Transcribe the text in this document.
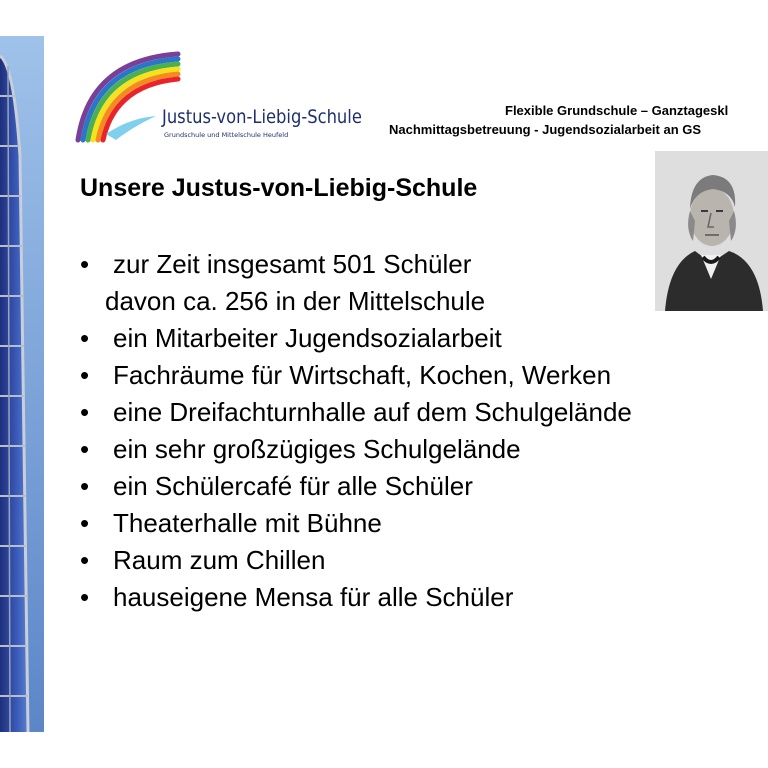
Justus-von-Liebig-Schule
Grundschule und Mittelschule Heufeld
Flexible Grundschule – Ganztageskl
Nachmittagsbetreuung - Jugendsozialarbeit an GS
Unsere Justus-von-Liebig-Schule
• zur Zeit insgesamt 501 Schüler
davon ca. 256 in der Mittelschule
• ein Mitarbeiter Jugendsozialarbeit
• Fachräume für Wirtschaft, Kochen, Werken
• eine Dreifachturnhalle auf dem Schulgelände
• ein sehr großzügiges Schulgelände
• ein Schülercafé für alle Schüler
• Theaterhalle mit Bühne
• Raum zum Chillen
• hauseigene Mensa für alle Schüler
